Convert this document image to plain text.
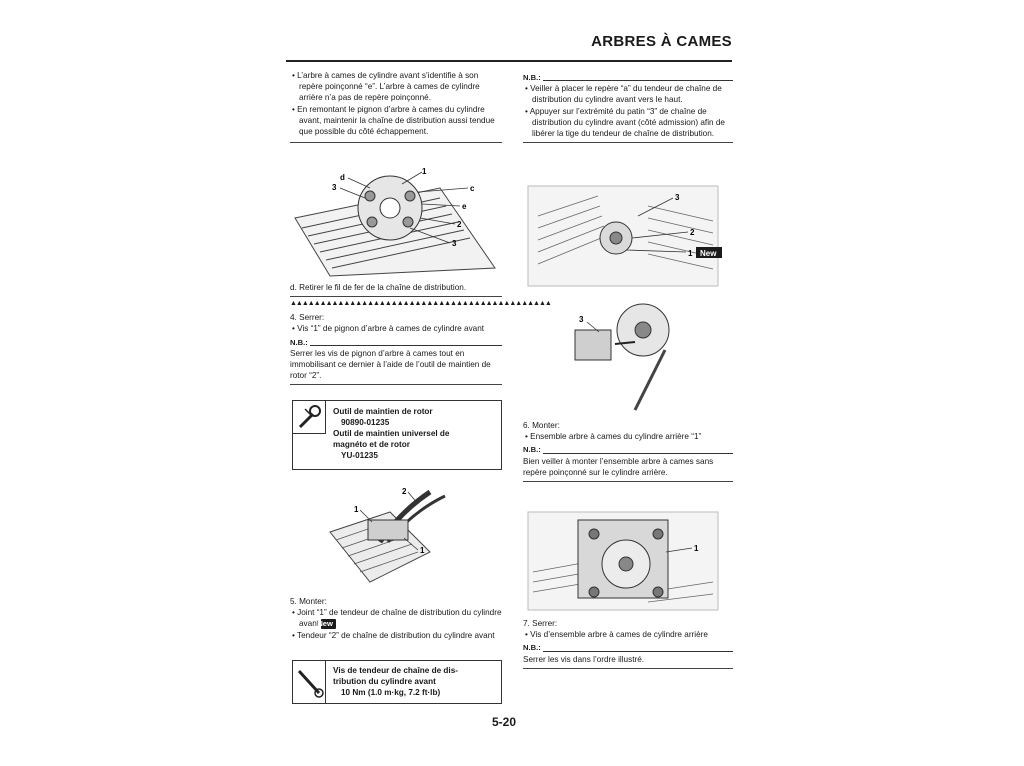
ARBRES À CAMES

• L’arbre à cames de cylindre avant s’identifie à son repère poinçonné “e”. L’arbre à cames de cylindre arrière n’a pas de repère poinçonné.

• En remontant le pignon d’arbre à cames du cylindre avant, maintenir la chaîne de distribution aussi tendue que possible du côté échappement.

d
3
1
c
e
2
3

d. Retirer le fil de fer de la chaîne de distribution.

▲▲▲▲▲▲▲▲▲▲▲▲▲▲▲▲▲▲▲▲▲▲▲▲▲▲▲▲▲▲▲▲▲▲▲▲▲▲▲▲▲▲▲▲

4. Serrer:

• Vis “1” de pignon d’arbre à cames de cylindre avant

N.B.:

Serrer les vis de pignon d’arbre à cames tout en immobilisant ce dernier à l’aide de l’outil de maintien de rotor “2”.

Outil de maintien de rotor
90890-01235
Outil de maintien universel de
magnéto et de rotor
YU-01235
2
1
1

5. Monter:

• Joint “1” de tendeur de chaîne de distribution du cylindre avant New

• Tendeur “2” de chaîne de distribution du cylindre avant

Vis de tendeur de chaîne de dis-
tribution du cylindre avant
10 Nm (1.0 m·kg, 7.2 ft·lb)
N.B.:

• Veiller à placer le repère “a” du tendeur de chaîne de distribution du cylindre avant vers le haut.

• Appuyer sur l’extrémité du patin “3” de chaîne de distribution du cylindre avant (côté admission) afin de libérer la tige du tendeur de chaîne de distribution.

3
2
1 New
3

6. Monter:

• Ensemble arbre à cames du cylindre arrière “1”

N.B.:

Bien veiller à monter l’ensemble arbre à cames sans repère poinçonné sur le cylindre arrière.

1

7. Serrer:

• Vis d’ensemble arbre à cames de cylindre arrière

N.B.:

Serrer les vis dans l’ordre illustré.

5-20
